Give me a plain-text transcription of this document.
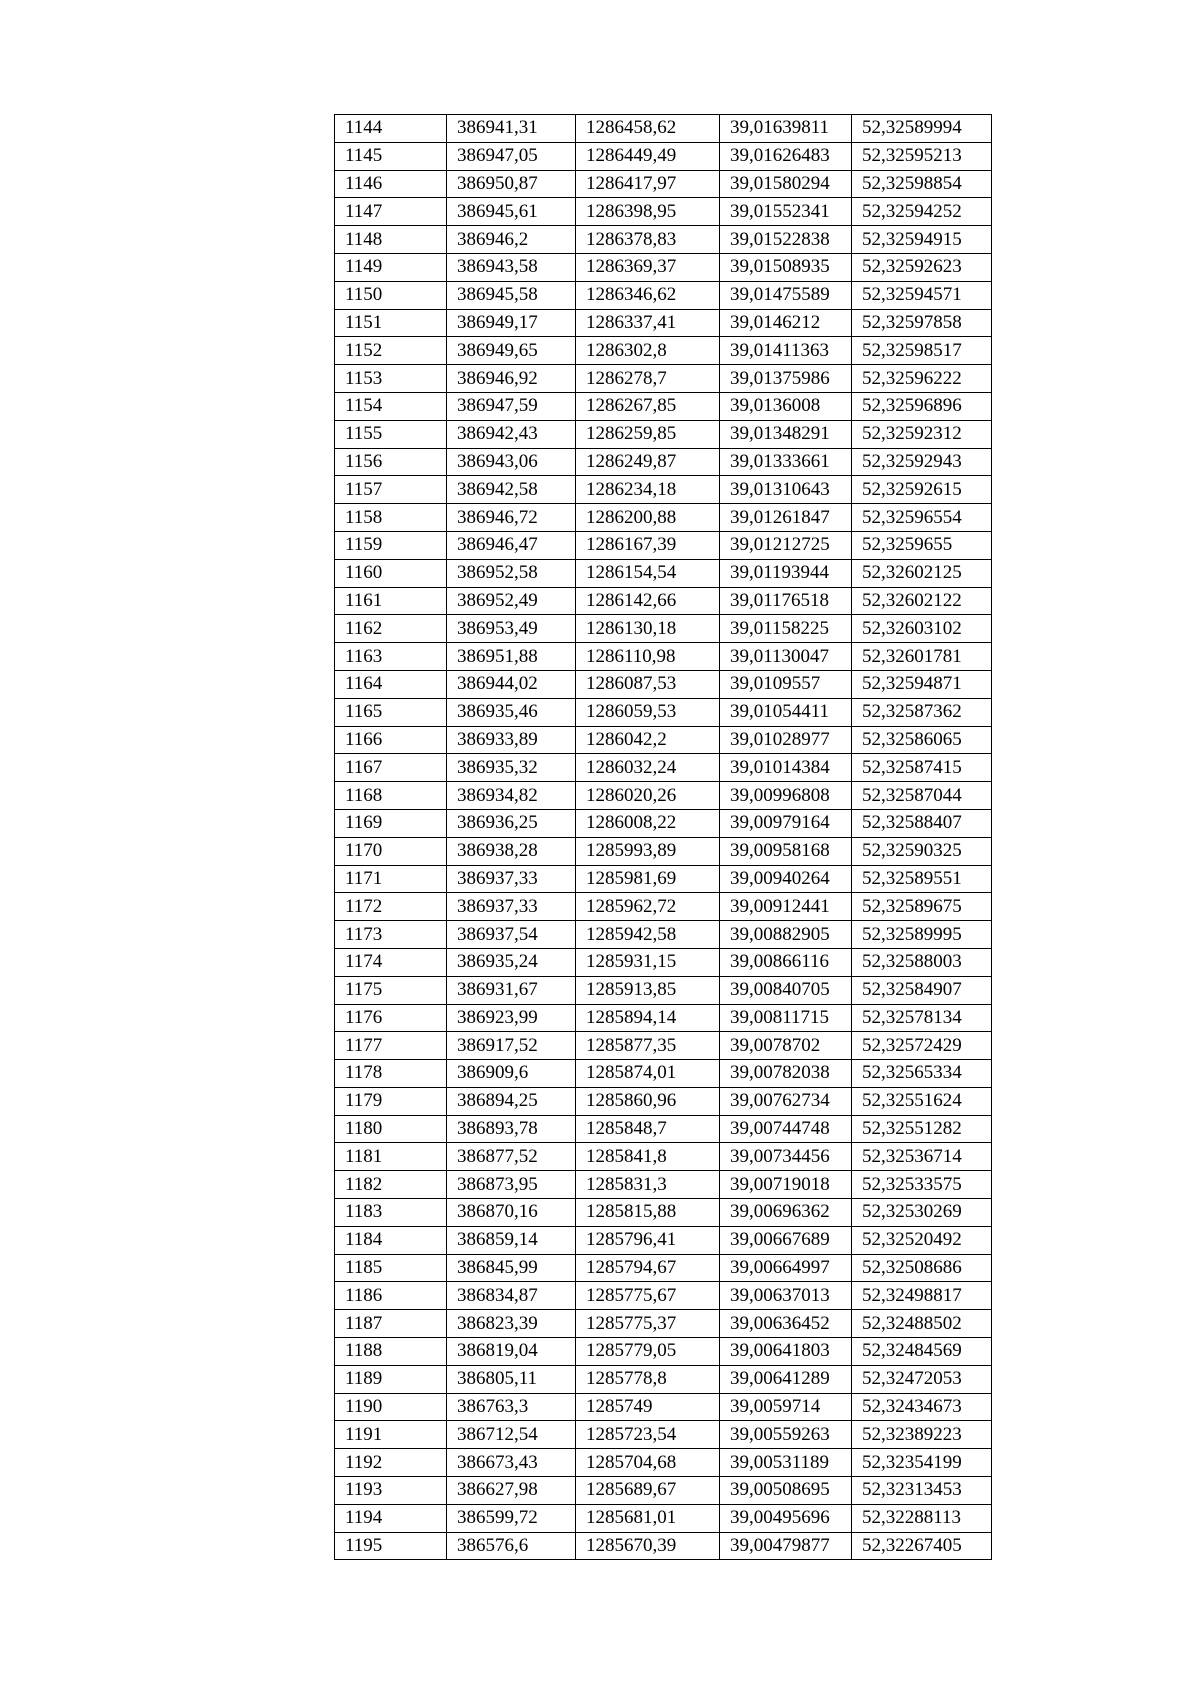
1144	386941,31	1286458,62	39,01639811	52,32589994
1145	386947,05	1286449,49	39,01626483	52,32595213
1146	386950,87	1286417,97	39,01580294	52,32598854
1147	386945,61	1286398,95	39,01552341	52,32594252
1148	386946,2	1286378,83	39,01522838	52,32594915
1149	386943,58	1286369,37	39,01508935	52,32592623
1150	386945,58	1286346,62	39,01475589	52,32594571
1151	386949,17	1286337,41	39,0146212	52,32597858
1152	386949,65	1286302,8	39,01411363	52,32598517
1153	386946,92	1286278,7	39,01375986	52,32596222
1154	386947,59	1286267,85	39,0136008	52,32596896
1155	386942,43	1286259,85	39,01348291	52,32592312
1156	386943,06	1286249,87	39,01333661	52,32592943
1157	386942,58	1286234,18	39,01310643	52,32592615
1158	386946,72	1286200,88	39,01261847	52,32596554
1159	386946,47	1286167,39	39,01212725	52,3259655
1160	386952,58	1286154,54	39,01193944	52,32602125
1161	386952,49	1286142,66	39,01176518	52,32602122
1162	386953,49	1286130,18	39,01158225	52,32603102
1163	386951,88	1286110,98	39,01130047	52,32601781
1164	386944,02	1286087,53	39,0109557	52,32594871
1165	386935,46	1286059,53	39,01054411	52,32587362
1166	386933,89	1286042,2	39,01028977	52,32586065
1167	386935,32	1286032,24	39,01014384	52,32587415
1168	386934,82	1286020,26	39,00996808	52,32587044
1169	386936,25	1286008,22	39,00979164	52,32588407
1170	386938,28	1285993,89	39,00958168	52,32590325
1171	386937,33	1285981,69	39,00940264	52,32589551
1172	386937,33	1285962,72	39,00912441	52,32589675
1173	386937,54	1285942,58	39,00882905	52,32589995
1174	386935,24	1285931,15	39,00866116	52,32588003
1175	386931,67	1285913,85	39,00840705	52,32584907
1176	386923,99	1285894,14	39,00811715	52,32578134
1177	386917,52	1285877,35	39,0078702	52,32572429
1178	386909,6	1285874,01	39,00782038	52,32565334
1179	386894,25	1285860,96	39,00762734	52,32551624
1180	386893,78	1285848,7	39,00744748	52,32551282
1181	386877,52	1285841,8	39,00734456	52,32536714
1182	386873,95	1285831,3	39,00719018	52,32533575
1183	386870,16	1285815,88	39,00696362	52,32530269
1184	386859,14	1285796,41	39,00667689	52,32520492
1185	386845,99	1285794,67	39,00664997	52,32508686
1186	386834,87	1285775,67	39,00637013	52,32498817
1187	386823,39	1285775,37	39,00636452	52,32488502
1188	386819,04	1285779,05	39,00641803	52,32484569
1189	386805,11	1285778,8	39,00641289	52,32472053
1190	386763,3	1285749	39,0059714	52,32434673
1191	386712,54	1285723,54	39,00559263	52,32389223
1192	386673,43	1285704,68	39,00531189	52,32354199
1193	386627,98	1285689,67	39,00508695	52,32313453
1194	386599,72	1285681,01	39,00495696	52,32288113
1195	386576,6	1285670,39	39,00479877	52,32267405
